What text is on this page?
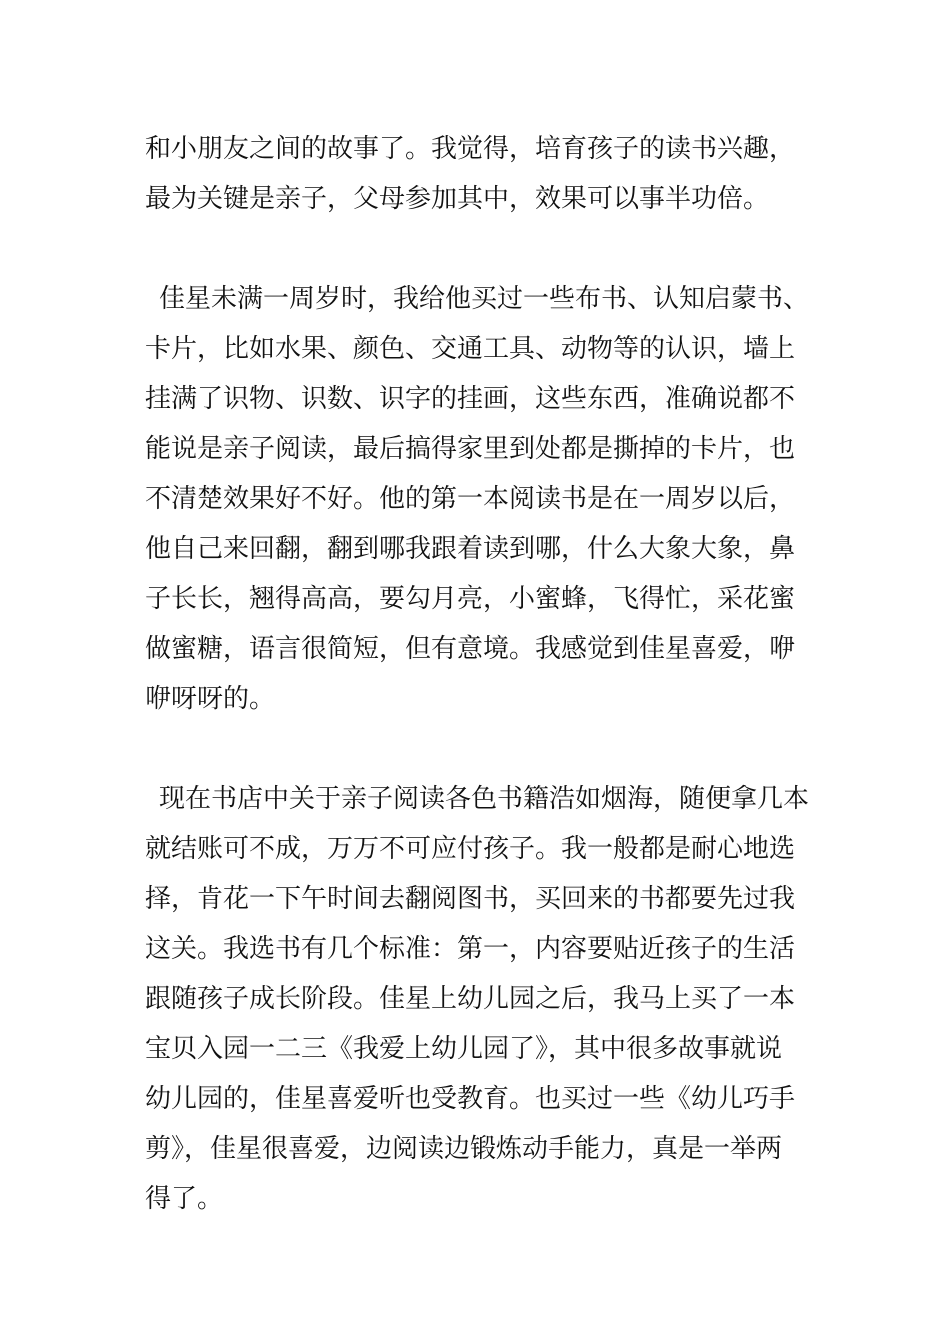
和小朋友之间的故事了。我觉得，培育孩子的读书兴趣，
最为关键是亲子，父母参加其中，效果可以事半功倍。
佳星未满一周岁时，我给他买过一些布书、认知启蒙书、
卡片，比如水果、颜色、交通工具、动物等的认识，墙上
挂满了识物、识数、识字的挂画，这些东西，准确说都不
能说是亲子阅读，最后搞得家里到处都是撕掉的卡片，也
不清楚效果好不好。他的第一本阅读书是在一周岁以后，
他自己来回翻，翻到哪我跟着读到哪，什么大象大象，鼻
子长长，翘得高高，要勾月亮，小蜜蜂，飞得忙，采花蜜
做蜜糖，语言很简短，但有意境。我感觉到佳星喜爱，咿
咿呀呀的。
现在书店中关于亲子阅读各色书籍浩如烟海，随便拿几本
就结账可不成，万万不可应付孩子。我一般都是耐心地选
择，肯花一下午时间去翻阅图书，买回来的书都要先过我
这关。我选书有几个标准：第一，内容要贴近孩子的生活
跟随孩子成长阶段。佳星上幼儿园之后，我马上买了一本
宝贝入园一二三《我爱上幼儿园了》，其中很多故事就说
幼儿园的，佳星喜爱听也受教育。也买过一些《幼儿巧手
剪》，佳星很喜爱，边阅读边锻炼动手能力，真是一举两
得了。
